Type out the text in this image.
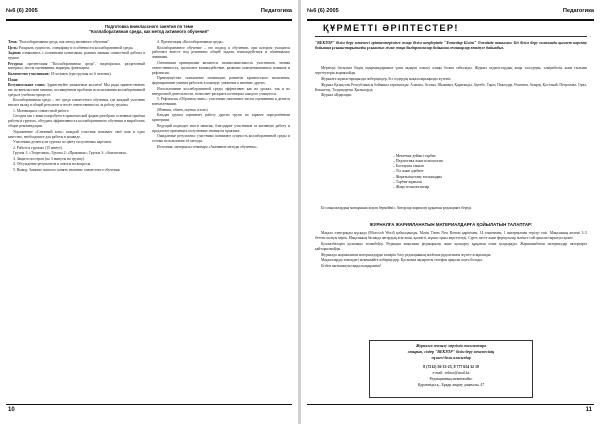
№6 (6) 2005	Педагогика
Подготовка внеклассного занятия по теме
"Коллаборативная среда, как метод активного обучения"

Тема: "Коллаборативная среда, как метод активного обучения".

Цель: Раскрыть сущность, специфику и особенности коллаборативной среды.

Задачи: ознакомить с основными понятиями; развить навыки совместной работы в группе.

Ресурсы: презентация "Коллаборативная среда", видеофильм, раздаточный материал, листы оценивания, маркеры, флипчарты.

Количество участников: 18 человек (три группы по 6 человек).

План:

Вступительное слово: Здравствуйте уважаемые коллеги! Мы рады приветствовать вас на внеклассном занятии, посвящённом проблеме использования коллаборативной среды в учебном процессе.

Коллаборативная среда – это среда совместного обучения, где каждый участник вносит вклад в общий результат и несёт ответственность за работу группы.

1. Мотивация к совместной работе.

Сегодня мы с вами попробуем в практической форме разобрать основные приёмы работы в группах, обсудить эффективность коллаборативного обучения и выработать общие рекомендации.

Упражнение «Снежный ком»: каждый участник называет своё имя и одно качество, необходимое для работы в команде.

Участники делятся на группы по цвету полученных карточек.

2. Работа в группах (15 минут).

Группа 1: «Теоретики»; Группа 2: «Практики»; Группа 3: «Аналитики».

3. Защита постеров (по 3 минуты на группу).

4. Обсуждение результатов и ответы на вопросы.

5. Вывод: Занятие помогло понять значение совместного обучения.

4. Презентация «Коллаборативная среда».

Коллаборативное обучение – это подход к обучению, при котором учащиеся работают вместе над решением общей задачи, взаимодействуя и обмениваясь знаниями.

Основными принципами являются: взаимозависимость участников, личная ответственность, групповое взаимодействие, развитие коммуникативных навыков и рефлексия.

Преимущества: повышение мотивации, развитие критического мышления, формирование умения работать в команде, уважение к мнению других.

Использование коллаборативной среды эффективно как на уроках, так и во внеурочной деятельности, позволяет раскрыть потенциал каждого учащегося.

5. Рефлексия «Обратная связь»: участники заполняют листы оценивания и делятся впечатлениями.

(Мнения, обмен, оценка, итоги)

Каждая группа оценивает работу других групп по заранее определённым критериям.

Ведущий подводит итоги занятия, благодарит участников за активную работу и предлагает применять полученные знания на практике.

Ожидаемые результаты: участники понимают сущность коллаборативной среды и готовы использовать её методы.

Источник: материалы семинара «Активные методы обучения».

10
№6 (6) 2005	Педагогика
ҚҰРМЕТТІ ӘРІПТЕСТЕР!
"ВЕКТОР" білім беру мекемесі әріптестерімізге жаңа білім шеңберінде "Ұстаздар Білімі" Әлемінде танымал. Біз білім беру саласында қызмет көрсету бойынша ұсыныстарымызды ұсынамыз және жаңа бағдарламалар бойынша семинарлар өткізуге дайынбыз.

Мерзімді басылым біздің оқырмандарымыз үшін ақпарат алмасу алаңы болып табылады. Журнал педагогтардың жаңа тәсілдерін, тәжірибесін және ғылыми зерттеулерін жариялайды.

Журналға жұмыстарыңызды жіберіңіздер, біз сіздердің мақалаларыңызды күтеміз.

Журнал Қазақстан Республикасы бойынша таратылады: Алматы, Астана, Шымкент, Қарағанды, Ақтөбе, Тараз, Павлодар, Өскемен, Атырау, Қостанай, Петропавл, Орал, Көкшетау, Талдықорған, Қызылорда.

Журнал айдарлары:

– Мектепке дейінгі тәрбие
– Педагогика және психология
– Бастауыш сынып
– Тіл және әдебиет
– Жаратылыстану ғылымдары
– Тәрбие жұмысы
– Жаңа технологиялар

Біз мақалалардың мазмұнына жауап бермейміз. Авторлар жариялау құқығын редакцияға береді.

ЖУРНАЛҒА ЖАРИЯЛАНАТЫН МАТЕРИАЛДАРҒА ҚОЙЫЛАТЫН ТАЛАПТАР:

Мақала электронды нұсқада (Microsoft Word) қабылданады. Мәтін Times New Roman қаріпімен, 14 өлшеммен, 1 интервалмен терілуі тиіс. Мақаланың көлемі 3–5 беттен аспауы керек. Мақаланың басында автордың аты-жөні, қызметі, жұмыс орны көрсетіледі. Сурет, кесте және формулалар мәтінге сай орналастырылуы қажет.

Қолжазбаларға қаламақы төленбейді. Редакция мақаланы редакциялау және қысқарту құқығын өзіне қалдырады. Жарияланбаған материалдар авторларға қайтарылмайды.

Журналда жарияланған материалдарды көшіріп басу редакцияның жазбаша рұқсатымен жүзеге асырылады.

Мақалаларды төмендегі мекенжайға жіберіңіздер. Қосымша ақпаратты телефон арқылы алуға болады.

Бізбен ынтымақтастыққа шақырамыз!

Журналға жазылу мерзімін жалғастыра
отырып, сіздер "ВЕКТОР" білім беру мекемесінің
мүшесі бола аласыздар
8 (7212) 56-33-25, 8 777 654 32 10
e-mail: vektor@mail.kz
Редакцияның мекенжайы:
Қарағанды қ., Бұқар жырау даңғылы, 47
11
